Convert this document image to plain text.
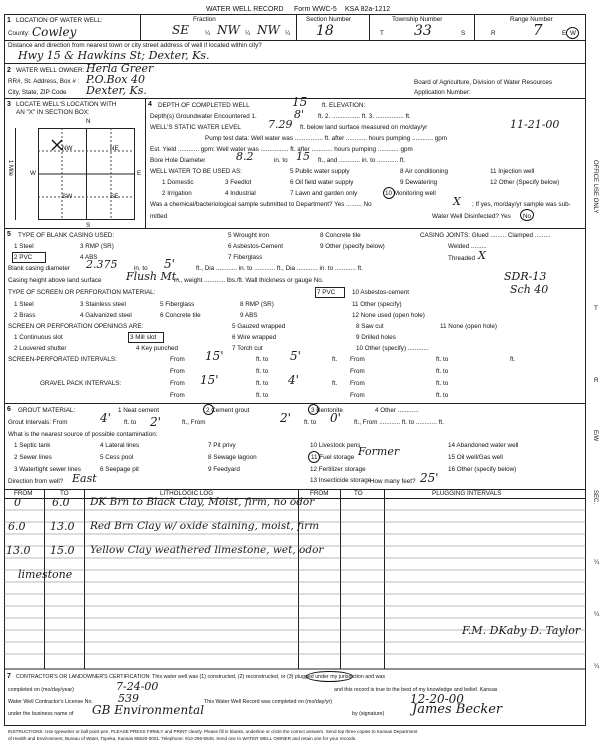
WATER WELL RECORD Form WWC-5 KSA 82a-1212
1 LOCATION OF WATER WELL:
County: Cowley
Fraction
SE	¼ NW ¼ NW ¼
Section Number
18
Township Number
T 33	S
Range Number
R 7	E W
Distance and direction from nearest town or city street address of well if located within city?
Hwy 15 & Hawkins St; Dexter, Ks.
2 WATER WELL OWNER: Herla Greer
RR#, St. Address, Box # : P.O.Box 40
City, State, ZIP Code Dexter, Ks.
Board of Agriculture, Division of Water Resources
Application Number:
3 LOCATE WELL'S LOCATION WITH
AN "X" IN SECTION BOX:
N
S
W	E
1 Mile
NW	NE
SW	SE
4 DEPTH OF COMPLETED WELL	15 ft. ELEVATION:
Depth(s) Groundwater Encountered 1.	8' ft. 2. ................ ft. 3. ................ ft.
WELL'S STATIC WATER LEVEL 7.29 ft. below land surface measured on mo/day/yr	11-21-00
Pump test data: Well water was ................ ft. after ............ hours pumping ............ gpm
Est. Yield ............ gpm: Well water was ................ ft. after ............ hours pumping ............ gpm
Bore Hole Diameter	8.2	in. to 15 ft., and ............ in. to ............ ft.
WELL WATER TO BE USED AS:	5 Public water supply	8 Air conditioning	11 Injection well
1 Domestic	3 Feedlot	6 Oil field water supply	9 Dewatering	12 Other (Specify below)
2 Irrigation	4 Industrial	7 Lawn and garden only	10 Monitoring well
Was a chemical/bacteriological sample submitted to Department? Yes ......... No	X ; If yes, mo/day/yr sample was sub-
mitted	Water Well Disinfected? Yes No
5 TYPE OF BLANK CASING USED:
1 Steel	3 RMP (SR)
5 Wrought iron	8 Concrete tile
2 PVC	4 ABS
6 Asbestos-Cement	9 Other (specify below)
7 Fiberglass
CASING JOINTS: Glued ......... Clamped .........
Welded .........
Threaded X
Blank casing diameter 2.375	in. to 5'	ft., Dia ............ in. to ............ ft., Dia ............ in. to ............ ft.
Casing height above land surface Flush Mt.
in., weight ............ lbs./ft. Wall thickness or gauge No.	SDR-13
TYPE OF SCREEN OR PERFORATION MATERIAL:	7 PVC
1 Steel	3 Stainless steel	5 Fiberglass	8 RMP (SR)
10 Asbestos-cement
2 Brass	4 Galvanized steel	6 Concrete tile	9 ABS
11 Other (specify)
12 None used (open hole)
Sch 40
SCREEN OR PERFORATION OPENINGS ARE:	5 Gauzed wrapped	8 Saw cut	11 None (open hole)
1 Continuous slot	3 Mill slot	6 Wire wrapped	9 Drilled holes
2 Louvered shutter	4 Key punched	7 Torch cut	10 Other (specify) ............
SCREEN-PERFORATED INTERVALS:	From 15'	ft. to 5'	ft. From	ft. to	ft.
From	ft. to	From	ft. to
GRAVEL PACK INTERVALS:	From 15'	ft. to 4'	ft. From	ft. to
From	ft. to	From	ft. to
6 GROUT MATERIAL:	1 Neat cement	2 Cement grout	3 Bentonite	4 Other ............
Grout Intervals: From	4' ft. to 2'	ft., From	2' ft. to 0' ft., From ............ ft. to ............ ft.
What is the nearest source of possible contamination:
1 Septic tank	4 Lateral lines	7 Pit privy	10 Livestock pens	14 Abandoned water well
2 Sewer lines	5 Cess pool	8 Sewage lagoon	11 Fuel storage Former	15 Oil well/Gas well
3 Watertight sewer lines	6 Seepage pit	9 Feedyard	12 Fertilizer storage	16 Other (specify below)
13 Insecticide storage
Direction from well? East	How many feet? 25'
FROM	TO	LITHOLOGIC LOG	FROM	TO	PLUGGING INTERVALS
0	6.0 DK Brn to Black Clay, Moist, firm, no odor
6.0 13.0 Red Brn Clay w/ oxide staining, moist, firm
13.0 15.0 Yellow Clay weathered limestone, wet, odor
limestone
F.M. DKaby D. Taylor
7 CONTRACTOR'S OR LANDOWNER'S CERTIFICATION: This water well was (1) constructed, (2) reconstructed, or (3) plugged under my jurisdiction and was
completed on (mo/day/year)	7-24-00	and this record is true to the best of my knowledge and belief. Kansas
Water Well Contractor's License No. 539	This Water Well Record was completed on (mo/day/yr)	12-20-00
under the business name of GB Environmental	by (signature) James Becker
INSTRUCTIONS: Use typewriter or ball point pen. PLEASE PRESS FIRMLY and PRINT clearly. Please fill in blanks, underline or circle the correct answers. Send top three copies to Kansas Department
of Health and Environment, Bureau of Water, Topeka, Kansas 66620-0001. Telephone: 913-296-5545. Send one to WATER WELL OWNER and retain one for your records.
OFFICE USE ONLY
T
R
E/W
SEC.
¼
¼
¼
